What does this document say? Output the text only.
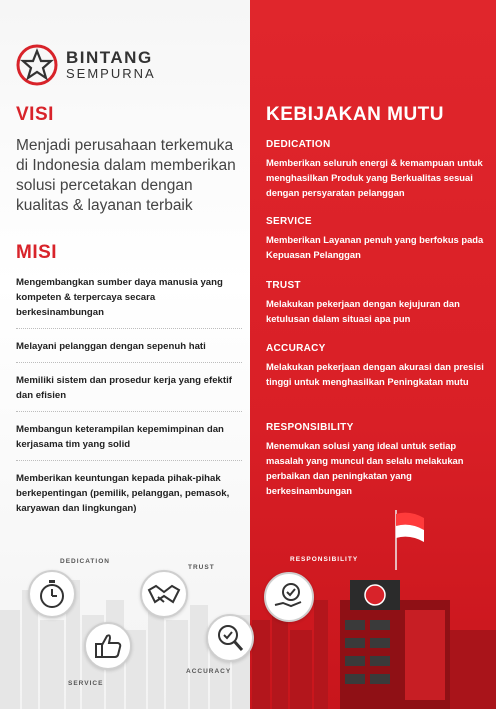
BINTANG
SEMPURNA
VISI
Menjadi perusahaan terkemuka di Indonesia dalam memberikan solusi percetakan dengan kualitas & layanan terbaik
MISI
Mengembangkan sumber daya manusia yang kompeten & terpercaya secara berkesinambungan
Melayani pelanggan dengan sepenuh hati
Memiliki sistem dan prosedur kerja yang efektif dan efisien
Membangun keterampilan kepemimpinan dan kerjasama tim yang solid
Memberikan keuntungan kepada pihak-pihak berkepentingan (pemilik, pelanggan, pemasok, karyawan dan lingkungan)
KEBIJAKAN MUTU
DEDICATION
Memberikan seluruh energi & kemampuan untuk menghasilkan Produk yang Berkualitas sesuai dengan persyaratan pelanggan
SERVICE
Memberikan Layanan penuh yang berfokus pada Kepuasan Pelanggan
TRUST
Melakukan pekerjaan dengan kejujuran dan ketulusan dalam situasi apa pun
ACCURACY
Melakukan pekerjaan dengan akurasi dan presisi tinggi untuk menghasilkan Peningkatan mutu
RESPONSIBILITY
Menemukan solusi yang ideal untuk setiap masalah yang muncul dan selalu melakukan perbaikan dan peningkatan yang berkesinambungan
DEDICATION
SERVICE
TRUST
ACCURACY
RESPONSIBILITY
